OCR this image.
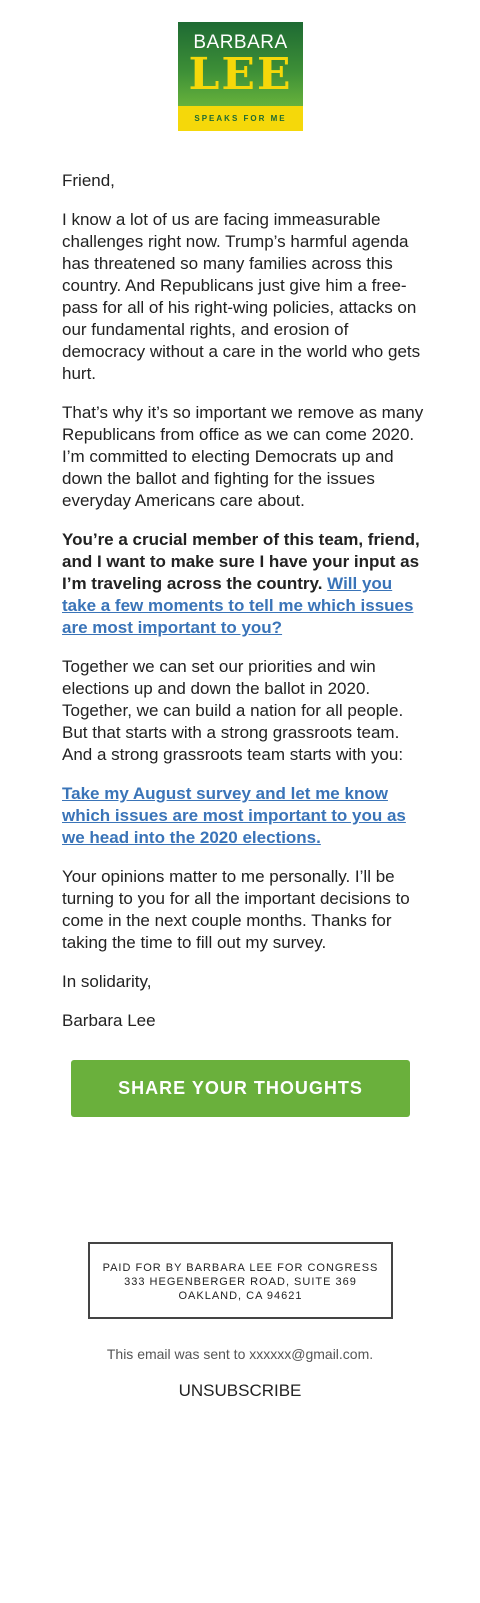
BARBARA
LEE
SPEAKS FOR ME

Friend,

I know a lot of us are facing immeasurable challenges right now. Trump’s harmful agenda has threatened so many families across this country. And Republicans just give him a free-pass for all of his right-wing policies, attacks on our fundamental rights, and erosion of democracy without a care in the world who gets hurt.

That’s why it’s so important we remove as many Republicans from office as we can come 2020. I’m committed to electing Democrats up and down the ballot and fighting for the issues everyday Americans care about.

You’re a crucial member of this team, friend, and I want to make sure I have your input as I’m traveling across the country. Will you take a few moments to tell me which issues are most important to you?

Together we can set our priorities and win elections up and down the ballot in 2020. Together, we can build a nation for all people. But that starts with a strong grassroots team. And a strong grassroots team starts with you:

Take my August survey and let me know which issues are most important to you as we head into the 2020 elections.

Your opinions matter to me personally. I’ll be turning to you for all the important decisions to come in the next couple months. Thanks for taking the time to fill out my survey.

In solidarity,

Barbara Lee

SHARE YOUR THOUGHTS
PAID FOR BY BARBARA LEE FOR CONGRESS
333 HEGENBERGER ROAD, SUITE 369
OAKLAND, CA 94621
This email was sent to xxxxxx@gmail.com.
UNSUBSCRIBE
